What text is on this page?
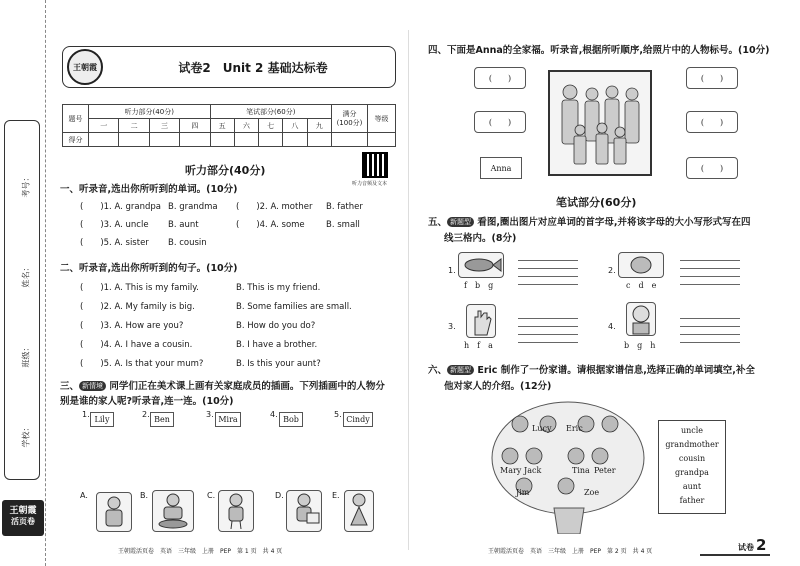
考号：
姓名：
班级：
学校：
王朝霞
活页卷
王朝霞	试卷2　Unit 2 基础达标卷
题号	听力部分(40分)				笔试部分(60分)					满分
(100分)	等级
	一	二	三	四	五	六	七	八	九		
得分											
听力部分(40分)
听力音频及文本
一、听录音,选出你所听到的单词。(10分)
(　　)1. A. grandpa B. grandma (　　)2. A. mother B. father
(　　)3. A. uncle B. aunt	(　　)4. A. some	B. small
(　　)5. A. sister B. cousin
二、听录音,选出你所听到的句子。(10分)
(　　)1. A. This is my family.	B. This is my friend.
(　　)2. A. My family is big.	B. Some families are small.
(　　)3. A. How are you?	B. How do you do?
(　　)4. A. I have a cousin.	B. I have a brother.
(　　)5. A. Is that your mum?	B. Is this your aunt?
三、 新情境 同学们正在美术课上画有关家庭成员的插画。下列插画中的人物分
别是谁的家人呢?听录音,连一连。(10分)
1.
Lily
2.
Ben
3.
Mira
4.
Bob
5.
Cindy
A.	B.	C.	D.	E.
王朝霞活页卷　英语　三年级　上册　PEP　第 1 页　共 4 页
四、下面是Anna的全家福。听录音,根据所听顺序,给照片中的人物标号。(10分)
(　　)
(　　)
Anna
(　　)
(　　)
(　　)
笔试部分(60分)
五、 新题型 看图,圈出图片对应单词的首字母,并将该字母的大小写形式写在四
线三格内。(8分)
1.
f　b　g
2.
c　d　e
3.
h　f　a
4.
b　g　h
六、 新题型 Eric 制作了一份家谱。请根据家谱信息,选择正确的单词填空,补全
他对家人的介绍。(12分)
Lucy Eric
Mary Jack	Tina Peter
Jim	Zoe
uncle
grandmother
cousin
grandpa
aunt
father
王朝霞活页卷　英语　三年级　上册　PEP　第 2 页　共 4 页	试卷 2
